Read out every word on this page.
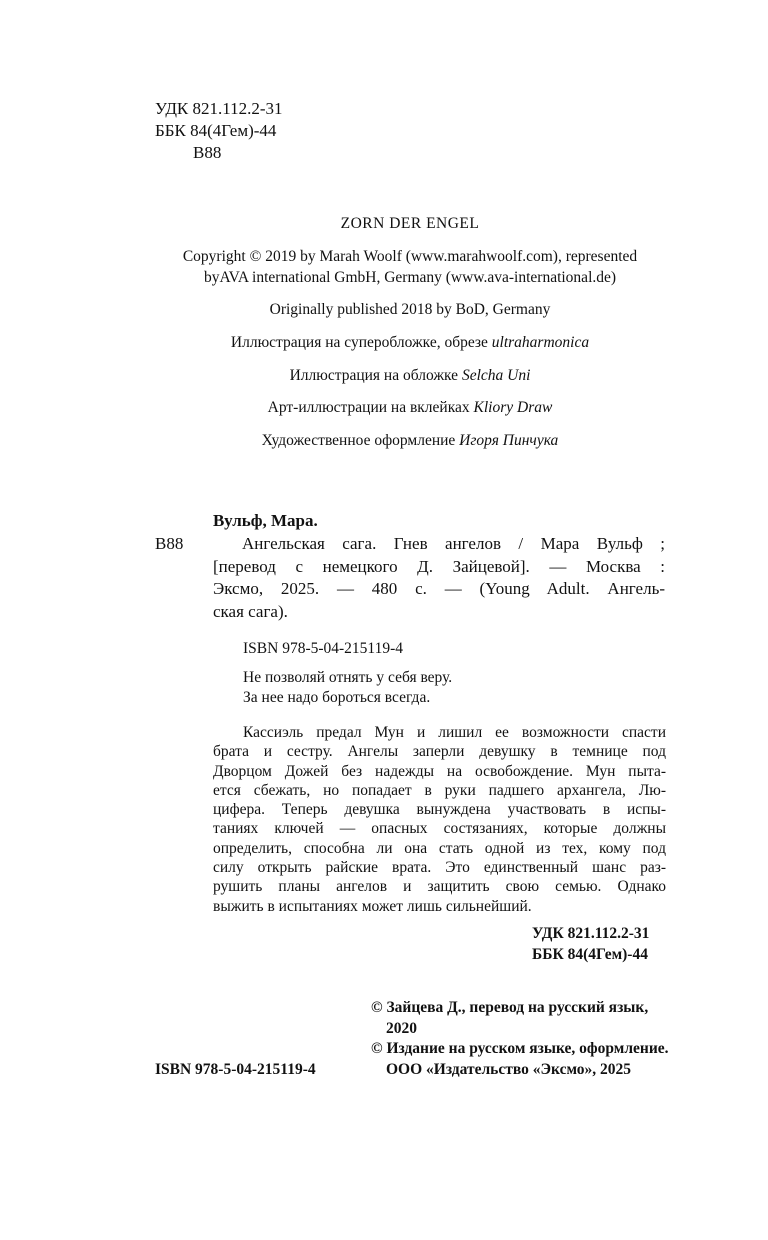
УДК 821.112.2-31
ББК 84(4Гем)-44
В88
ZORN DER ENGEL
Copyright © 2019 by Marah Woolf (www.marahwoolf.com), represented
byAVA international GmbH, Germany (www.ava-international.de)
Originally published 2018 by BoD, Germany
Иллюстрация на суперобложке, обрезе ultraharmonica
Иллюстрация на обложке Selcha Uni
Арт-иллюстрации на вклейках Kliory Draw
Художественное оформление Игоря Пинчука
Вульф, Мара.
В88	Ангельская сага. Гнев ангелов / Мара Вульф ;
[перевод с немецкого Д. Зайцевой]. — Москва :
Эксмо, 2025. — 480 с. — (Young Adult. Ангель-
ская сага).
ISBN 978-5-04-215119-4
Не позволяй отнять у себя веру.
За нее надо бороться всегда.
Кассиэль предал Мун и лишил ее возможности спасти
брата и сестру. Ангелы заперли девушку в темнице под
Дворцом Дожей без надежды на освобождение. Мун пыта-
ется сбежать, но попадает в руки падшего архангела, Лю-
цифера. Теперь девушка вынуждена участвовать в испы-
таниях ключей — опасных состязаниях, которые должны
определить, способна ли она стать одной из тех, кому под
силу открыть райские врата. Это единственный шанс раз-
рушить планы ангелов и защитить свою семью. Однако
выжить в испытаниях может лишь сильнейший.
УДК 821.112.2-31
ББК 84(4Гем)-44
ISBN 978-5-04-215119-4
© Зайцева Д., перевод на русский язык,
2020
© Издание на русском языке, оформление.
ООО «Издательство «Эксмо», 2025
